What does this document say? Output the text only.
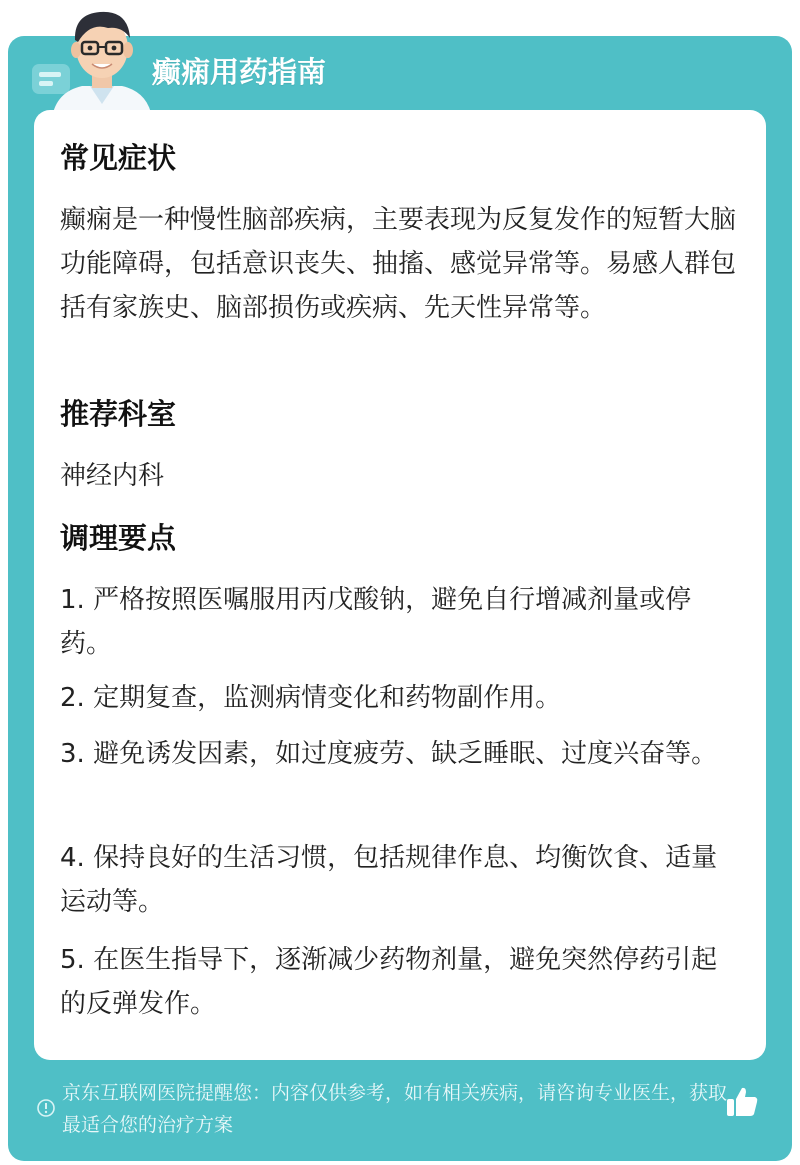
癫痫用药指南
常见症状
癫痫是一种慢性脑部疾病，主要表现为反复发作的短暂大脑功能障碍，包括意识丧失、抽搐、感觉异常等。易感人群包括有家族史、脑部损伤或疾病、先天性异常等。
推荐科室
神经内科
调理要点
1. 严格按照医嘱服用丙戊酸钠，避免自行增减剂量或停药。
2. 定期复查，监测病情变化和药物副作用。
3. 避免诱发因素，如过度疲劳、缺乏睡眠、过度兴奋等。
4. 保持良好的生活习惯，包括规律作息、均衡饮食、适量运动等。
5. 在医生指导下，逐渐减少药物剂量，避免突然停药引起的反弹发作。
京东互联网医院提醒您：内容仅供参考，如有相关疾病，请咨询专业医生，获取最适合您的治疗方案
